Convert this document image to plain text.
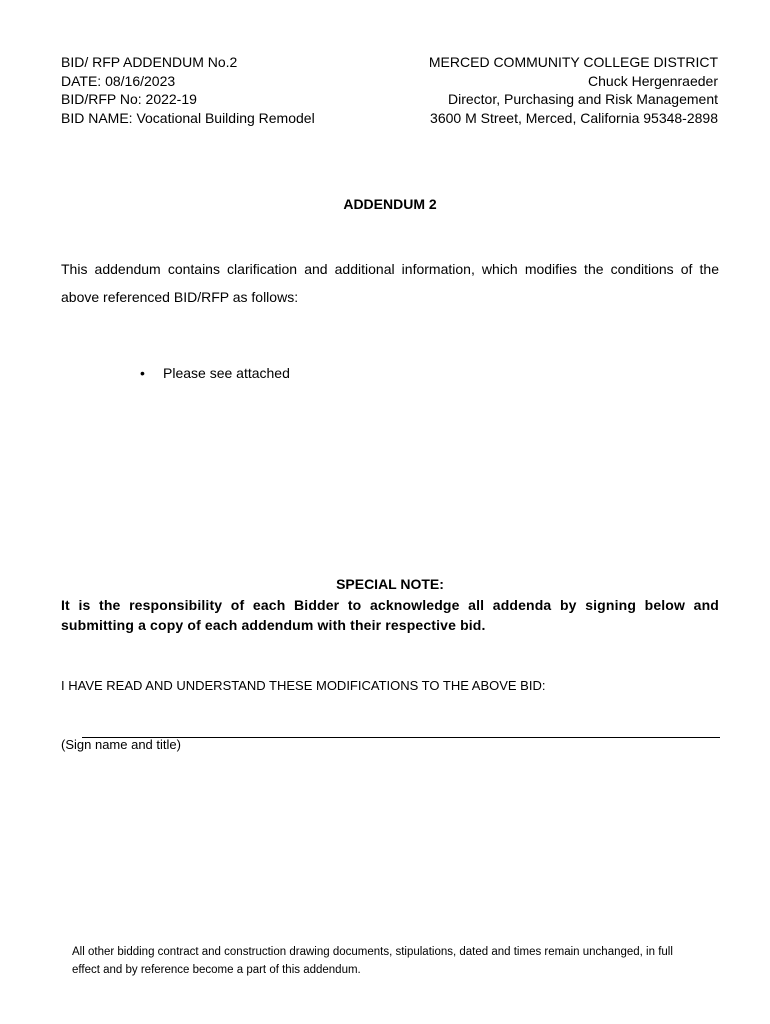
BID/ RFP ADDENDUM No.2
DATE: 08/16/2023
BID/RFP No: 2022-19
BID NAME: Vocational Building Remodel
MERCED COMMUNITY COLLEGE DISTRICT
Chuck Hergenraeder
Director, Purchasing and Risk Management
3600 M Street, Merced, California 95348-2898
ADDENDUM 2
This addendum contains clarification and additional information, which modifies the conditions of the above referenced BID/RFP as follows:
• Please see attached
SPECIAL NOTE:
It is the responsibility of each Bidder to acknowledge all addenda by signing below and submitting a copy of each addendum with their respective bid.
I HAVE READ AND UNDERSTAND THESE MODIFICATIONS TO THE ABOVE BID:
(Sign name and title)
All other bidding contract and construction drawing documents, stipulations, dated and times remain unchanged, in full effect and by reference become a part of this addendum.
